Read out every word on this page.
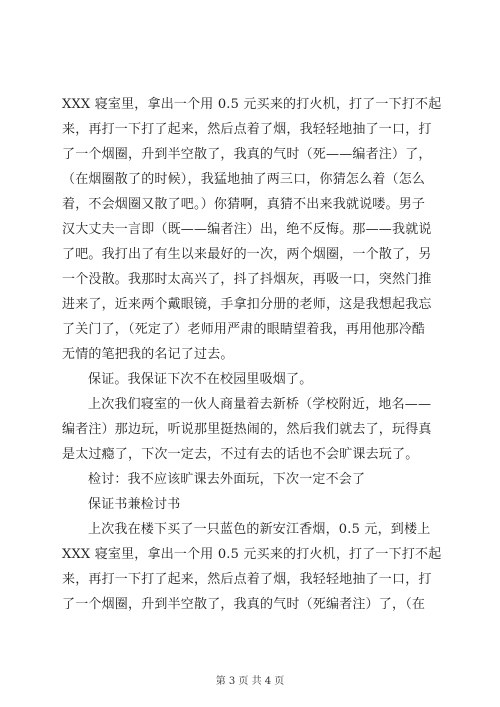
XXX 寝室里，拿出一个用 0.5 元买来的打火机，打了一下打不起
来，再打一下打了起来，然后点着了烟，我轻轻地抽了一口，打
了一个烟圈，升到半空散了，我真的气时（死——编者注）了，
（在烟圈散了的时候），我猛地抽了两三口，你猜怎么着（怎么
着，不会烟圈又散了吧。）你猜啊，真猜不出来我就说喽。男子
汉大丈夫一言即（既——编者注）出，绝不反悔。那——我就说
了吧。我打出了有生以来最好的一次，两个烟圈，一个散了，另
一个没散。我那时太高兴了，抖了抖烟灰，再吸一口，突然门推
进来了，近来两个戴眼镜，手拿扣分册的老师，这是我想起我忘
了关门了，（死定了）老师用严肃的眼睛望着我，再用他那冷酷
无情的笔把我的名记了过去。
保证。我保证下次不在校园里吸烟了。
上次我们寝室的一伙人商量着去新桥（学校附近，地名——
编者注）那边玩，听说那里挺热闹的，然后我们就去了，玩得真
是太过瘾了，下次一定去，不过有去的话也不会旷课去玩了。
检讨：我不应该旷课去外面玩，下次一定不会了
保证书兼检讨书
上次我在楼下买了一只蓝色的新安江香烟，0.5 元，到楼上
XXX 寝室里，拿出一个用 0.5 元买来的打火机，打了一下打不起
来，再打一下打了起来，然后点着了烟，我轻轻地抽了一口，打
了一个烟圈，升到半空散了，我真的气时（死编者注）了，（在
第 3 页 共 4 页
